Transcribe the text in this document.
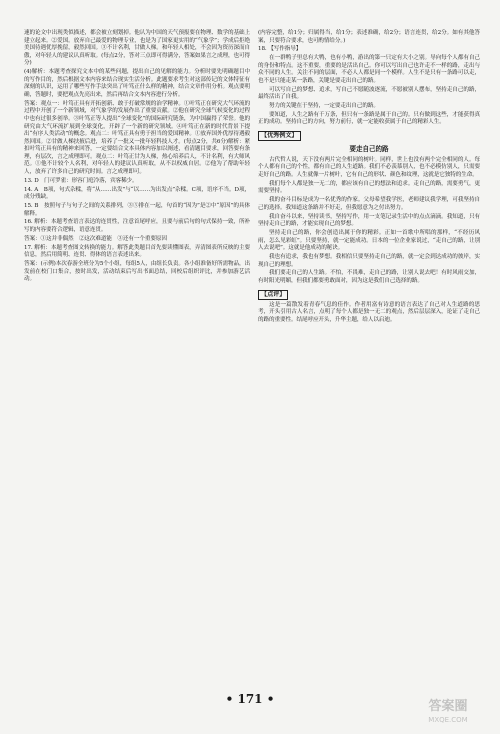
速的论文中出现类似描述，都会被立刻划掉。他认为中国的天气预报要在物理、数学的基础上建立起来。②爱国。放弃自己最爱的物理专业，也是为了国家更实用的“气象学”；学成后拒绝美国待遇优厚挽留，毅然回国。③不计名利，甘做人梯。和年轻人相处，不会因为资历深而自傲，对年轻人的建议认真听取。(每点2分，答对三点即可得满分，答案如果言之成理，也可得分)

(4)解析：本题考查探究文本中的某些问题，提出自己的见解的能力。分析时要先明确题目中的写作目的，然后根据文本内容来结合现实生活分析。此题要求考生对这部传记的文体特征有深刻的认识，运用了哪些写作手法突出了叶笃正什么样的精神，结合文章作用分析。观点要明确，答题时，要把观点先亮出来，然后再结合文本内容进行分析。

答案：观点一：叶笃正具有开拓创新、敢于打破常规的治学精神。①叶笃正在研究大气环流的过程中开创了一个新领域，对气象学的发展作出了重要贡献。②他在研究全球气候变化的过程中也有过很多创举。③叶笃正等人提出“全球变化”的国际研究链条，为中国赢得了荣誉。他的研究由大气环流扩展到全球变化，开辟了一个新的研究领域。④叶笃正在新的时代背景下提出“有序人类活动”的概念。观点二：叶笃正具有勇于担当的爱国精神。①放弃国外优厚待遇毅然回国。②甘做人梯扶掖后进，培养了一批又一批年轻科技人才。(每点2分，共6分)解析：紧扣叶笃正具有的精神来回答，一定要结合文本具体内容加以阐述，看清题目要求，回答要有条理，有层次，言之成理即可。观点二：叶笃正甘为人梯，热心培养后人，不计名利，有大师风范。①他不计较个人名利，对年轻人的建议认真听取，从不以权威自居。②他为了帮助年轻人，放弃了许多自己的研究时间。言之成理即可。

13. D　门可罗雀：形容门庭冷落，宾客稀少。

14. A　B项，句式杂糅，将“从……出发”与“以……为出发点”杂糅。C项，语序不当。D项，成分残缺。

15. B　按照句子与句子之间的关系排列，③⑤排在一起，句首的“因为”是②中“原因”的具体解释。

16. 解析：本题考查语言表达的连贯性，注意首尾呼应，且要与前后句的句式保持一致，所补写的内容要符合逻辑，语意连贯。

答案：①这并非偶然　②这次难道能　③还有一个重要原因

17. 解析：本题考查图文转换的能力。解答此类题目首先要读懂图表，弄清图表所反映的主要信息，然后用简明、连贯、得体的语言表述出来。

答案：(示例)本次春游全班分为5个小组，每组5人，由组长负责。各小组准备好所需物品，出发前在校门口集合，按时出发，活动结束后写出书面总结，回校后组织评比，并参加游艺活动。

(内容完整，给1分；归属得当，给1分；表述准确，给2分；语言连贯，给2分。如有其他答案，只要符合要求，也可酌情给分。)

18. 【写作指导】

在一群鸭子里总有大鸭，也有小鸭，游出的第一只定有大小之别。导向每个人都有自己的身份和特点。这不重要，重要的是活出自己。你可以写出自己也许走不一样的路，走出与众不同的人生。关注不同的层面，不必人人都是同一个模样。人生不是只有一条路可以走，也不是只能走某一条路，关键是要走出自己的路。

可以写自己的梦想、追求，写自己不愿随波逐流，不愿被别人摆布，坚持走自己的路，最终活出了自我。

努力的关键在于坚持，一定要走出自己的路。

要知道，人生之路有千万条，但只有一条路是属于自己的。只有做到这些，才能获得真正的成功。坚持自己的方向，努力前行，就一定能收获属于自己的精彩人生。

【优秀例文】
要走自己的路

古代哲人说，天下没有两片完全相同的树叶。同样，世上也没有两个完全相同的人。每个人都有自己的个性，都有自己的人生道路。我们不必羡慕别人，也不必模仿别人，只需要走好自己的路。人生就像一片树叶，它有自己的形状、颜色和纹理，这就是它独特的生命。

我们每个人都是独一无二的，都应该有自己的想法和追求。走自己的路，需要勇气，更需要坚持。

我的奋斗目标是成为一名优秀的作家。父母希望我学医，老师建议我学理，可我坚持自己的选择。我知道这条路并不好走，但我愿意为之付出努力。

我自奋斗以来，坚持读书，坚持写作，用一支笔记录生活中的点点滴滴。我知道，只有坚持走自己的路，才能实现自己的梦想。

坚持走自己的路，你会创造出属于你的精彩。正如一首歌中所唱的那样，“不经历风雨，怎么见彩虹”。只要坚持，就一定能成功。日本的一位企业家说过，“走自己的路，让别人去说吧”。这就是他成功的秘诀。

我也有追求，我也有梦想。我相信只要坚持走自己的路，就一定会到达成功的彼岸，实现自己的理想。

我们要走自己的人生路。不怕，不畏难，走自己的路，让别人说去吧！有时风雨交加，有时阳光明媚，但我们都要勇敢面对，因为这是我们自己选择的路。

【点评】

这是一篇散发着青春气息的佳作。作者用富有诗意的语言表达了自己对人生道路的思考，开头引用古人名言，点明了每个人都是独一无二的观点，然后层层深入，论证了走自己的路的重要性。结尾呼应开头，升华主题，给人以启迪。

• 171 •	答案圈
MXQE.COM
